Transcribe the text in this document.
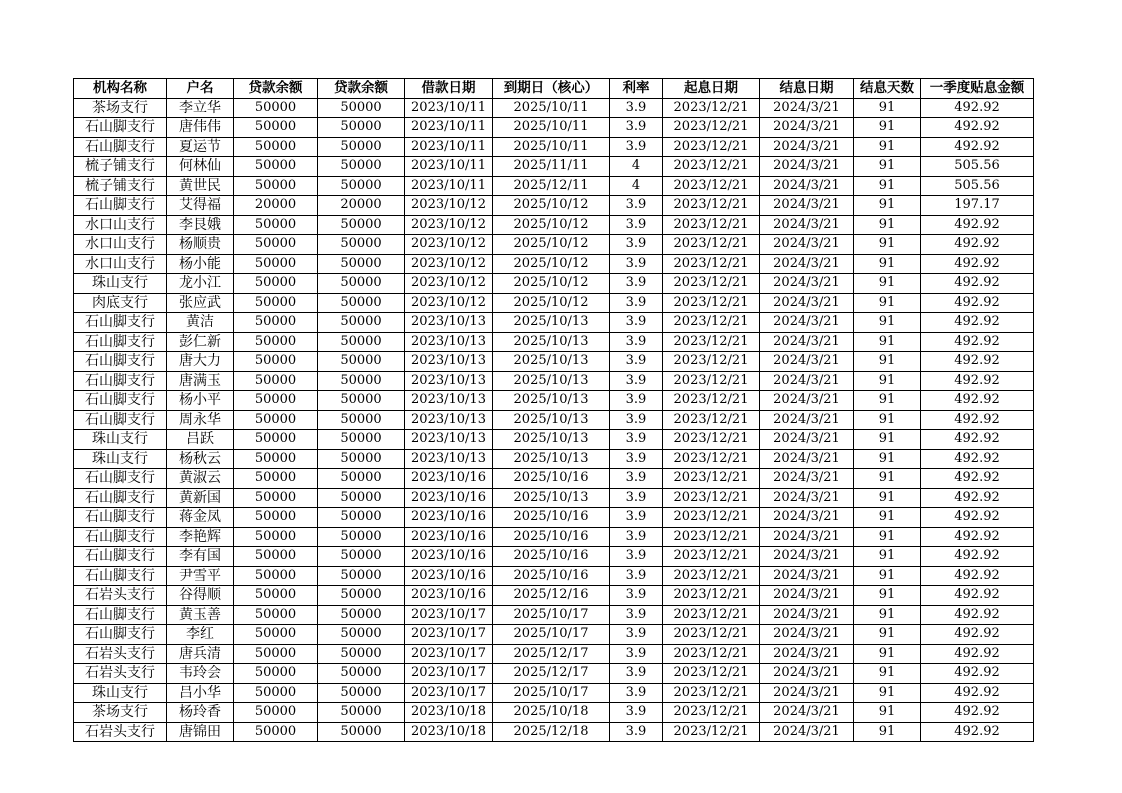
机构名称	户名	贷款余额	贷款余额	借款日期	到期日（核心）	利率	起息日期	结息日期	结息天数	一季度贴息金额
茶场支行	李立华	50000	50000	2023/10/11	2025/10/11	3.9	2023/12/21	2024/3/21	91	492.92
石山脚支行	唐伟伟	50000	50000	2023/10/11	2025/10/11	3.9	2023/12/21	2024/3/21	91	492.92
石山脚支行	夏运节	50000	50000	2023/10/11	2025/10/11	3.9	2023/12/21	2024/3/21	91	492.92
梳子铺支行	何林仙	50000	50000	2023/10/11	2025/11/11	4	2023/12/21	2024/3/21	91	505.56
梳子铺支行	黄世民	50000	50000	2023/10/11	2025/12/11	4	2023/12/21	2024/3/21	91	505.56
石山脚支行	艾得福	20000	20000	2023/10/12	2025/10/12	3.9	2023/12/21	2024/3/21	91	197.17
水口山支行	李艮娥	50000	50000	2023/10/12	2025/10/12	3.9	2023/12/21	2024/3/21	91	492.92
水口山支行	杨顺贵	50000	50000	2023/10/12	2025/10/12	3.9	2023/12/21	2024/3/21	91	492.92
水口山支行	杨小能	50000	50000	2023/10/12	2025/10/12	3.9	2023/12/21	2024/3/21	91	492.92
珠山支行	龙小江	50000	50000	2023/10/12	2025/10/12	3.9	2023/12/21	2024/3/21	91	492.92
肉底支行	张应武	50000	50000	2023/10/12	2025/10/12	3.9	2023/12/21	2024/3/21	91	492.92
石山脚支行	黄洁	50000	50000	2023/10/13	2025/10/13	3.9	2023/12/21	2024/3/21	91	492.92
石山脚支行	彭仁新	50000	50000	2023/10/13	2025/10/13	3.9	2023/12/21	2024/3/21	91	492.92
石山脚支行	唐大力	50000	50000	2023/10/13	2025/10/13	3.9	2023/12/21	2024/3/21	91	492.92
石山脚支行	唐满玉	50000	50000	2023/10/13	2025/10/13	3.9	2023/12/21	2024/3/21	91	492.92
石山脚支行	杨小平	50000	50000	2023/10/13	2025/10/13	3.9	2023/12/21	2024/3/21	91	492.92
石山脚支行	周永华	50000	50000	2023/10/13	2025/10/13	3.9	2023/12/21	2024/3/21	91	492.92
珠山支行	吕跃	50000	50000	2023/10/13	2025/10/13	3.9	2023/12/21	2024/3/21	91	492.92
珠山支行	杨秋云	50000	50000	2023/10/13	2025/10/13	3.9	2023/12/21	2024/3/21	91	492.92
石山脚支行	黄淑云	50000	50000	2023/10/16	2025/10/16	3.9	2023/12/21	2024/3/21	91	492.92
石山脚支行	黄新国	50000	50000	2023/10/16	2025/10/13	3.9	2023/12/21	2024/3/21	91	492.92
石山脚支行	蒋金凤	50000	50000	2023/10/16	2025/10/16	3.9	2023/12/21	2024/3/21	91	492.92
石山脚支行	李艳辉	50000	50000	2023/10/16	2025/10/16	3.9	2023/12/21	2024/3/21	91	492.92
石山脚支行	李有国	50000	50000	2023/10/16	2025/10/16	3.9	2023/12/21	2024/3/21	91	492.92
石山脚支行	尹雪平	50000	50000	2023/10/16	2025/10/16	3.9	2023/12/21	2024/3/21	91	492.92
石岩头支行	谷得顺	50000	50000	2023/10/16	2025/12/16	3.9	2023/12/21	2024/3/21	91	492.92
石山脚支行	黄玉善	50000	50000	2023/10/17	2025/10/17	3.9	2023/12/21	2024/3/21	91	492.92
石山脚支行	李红	50000	50000	2023/10/17	2025/10/17	3.9	2023/12/21	2024/3/21	91	492.92
石岩头支行	唐兵清	50000	50000	2023/10/17	2025/12/17	3.9	2023/12/21	2024/3/21	91	492.92
石岩头支行	韦玲会	50000	50000	2023/10/17	2025/12/17	3.9	2023/12/21	2024/3/21	91	492.92
珠山支行	吕小华	50000	50000	2023/10/17	2025/10/17	3.9	2023/12/21	2024/3/21	91	492.92
茶场支行	杨玲香	50000	50000	2023/10/18	2025/10/18	3.9	2023/12/21	2024/3/21	91	492.92
石岩头支行	唐锦田	50000	50000	2023/10/18	2025/12/18	3.9	2023/12/21	2024/3/21	91	492.92
